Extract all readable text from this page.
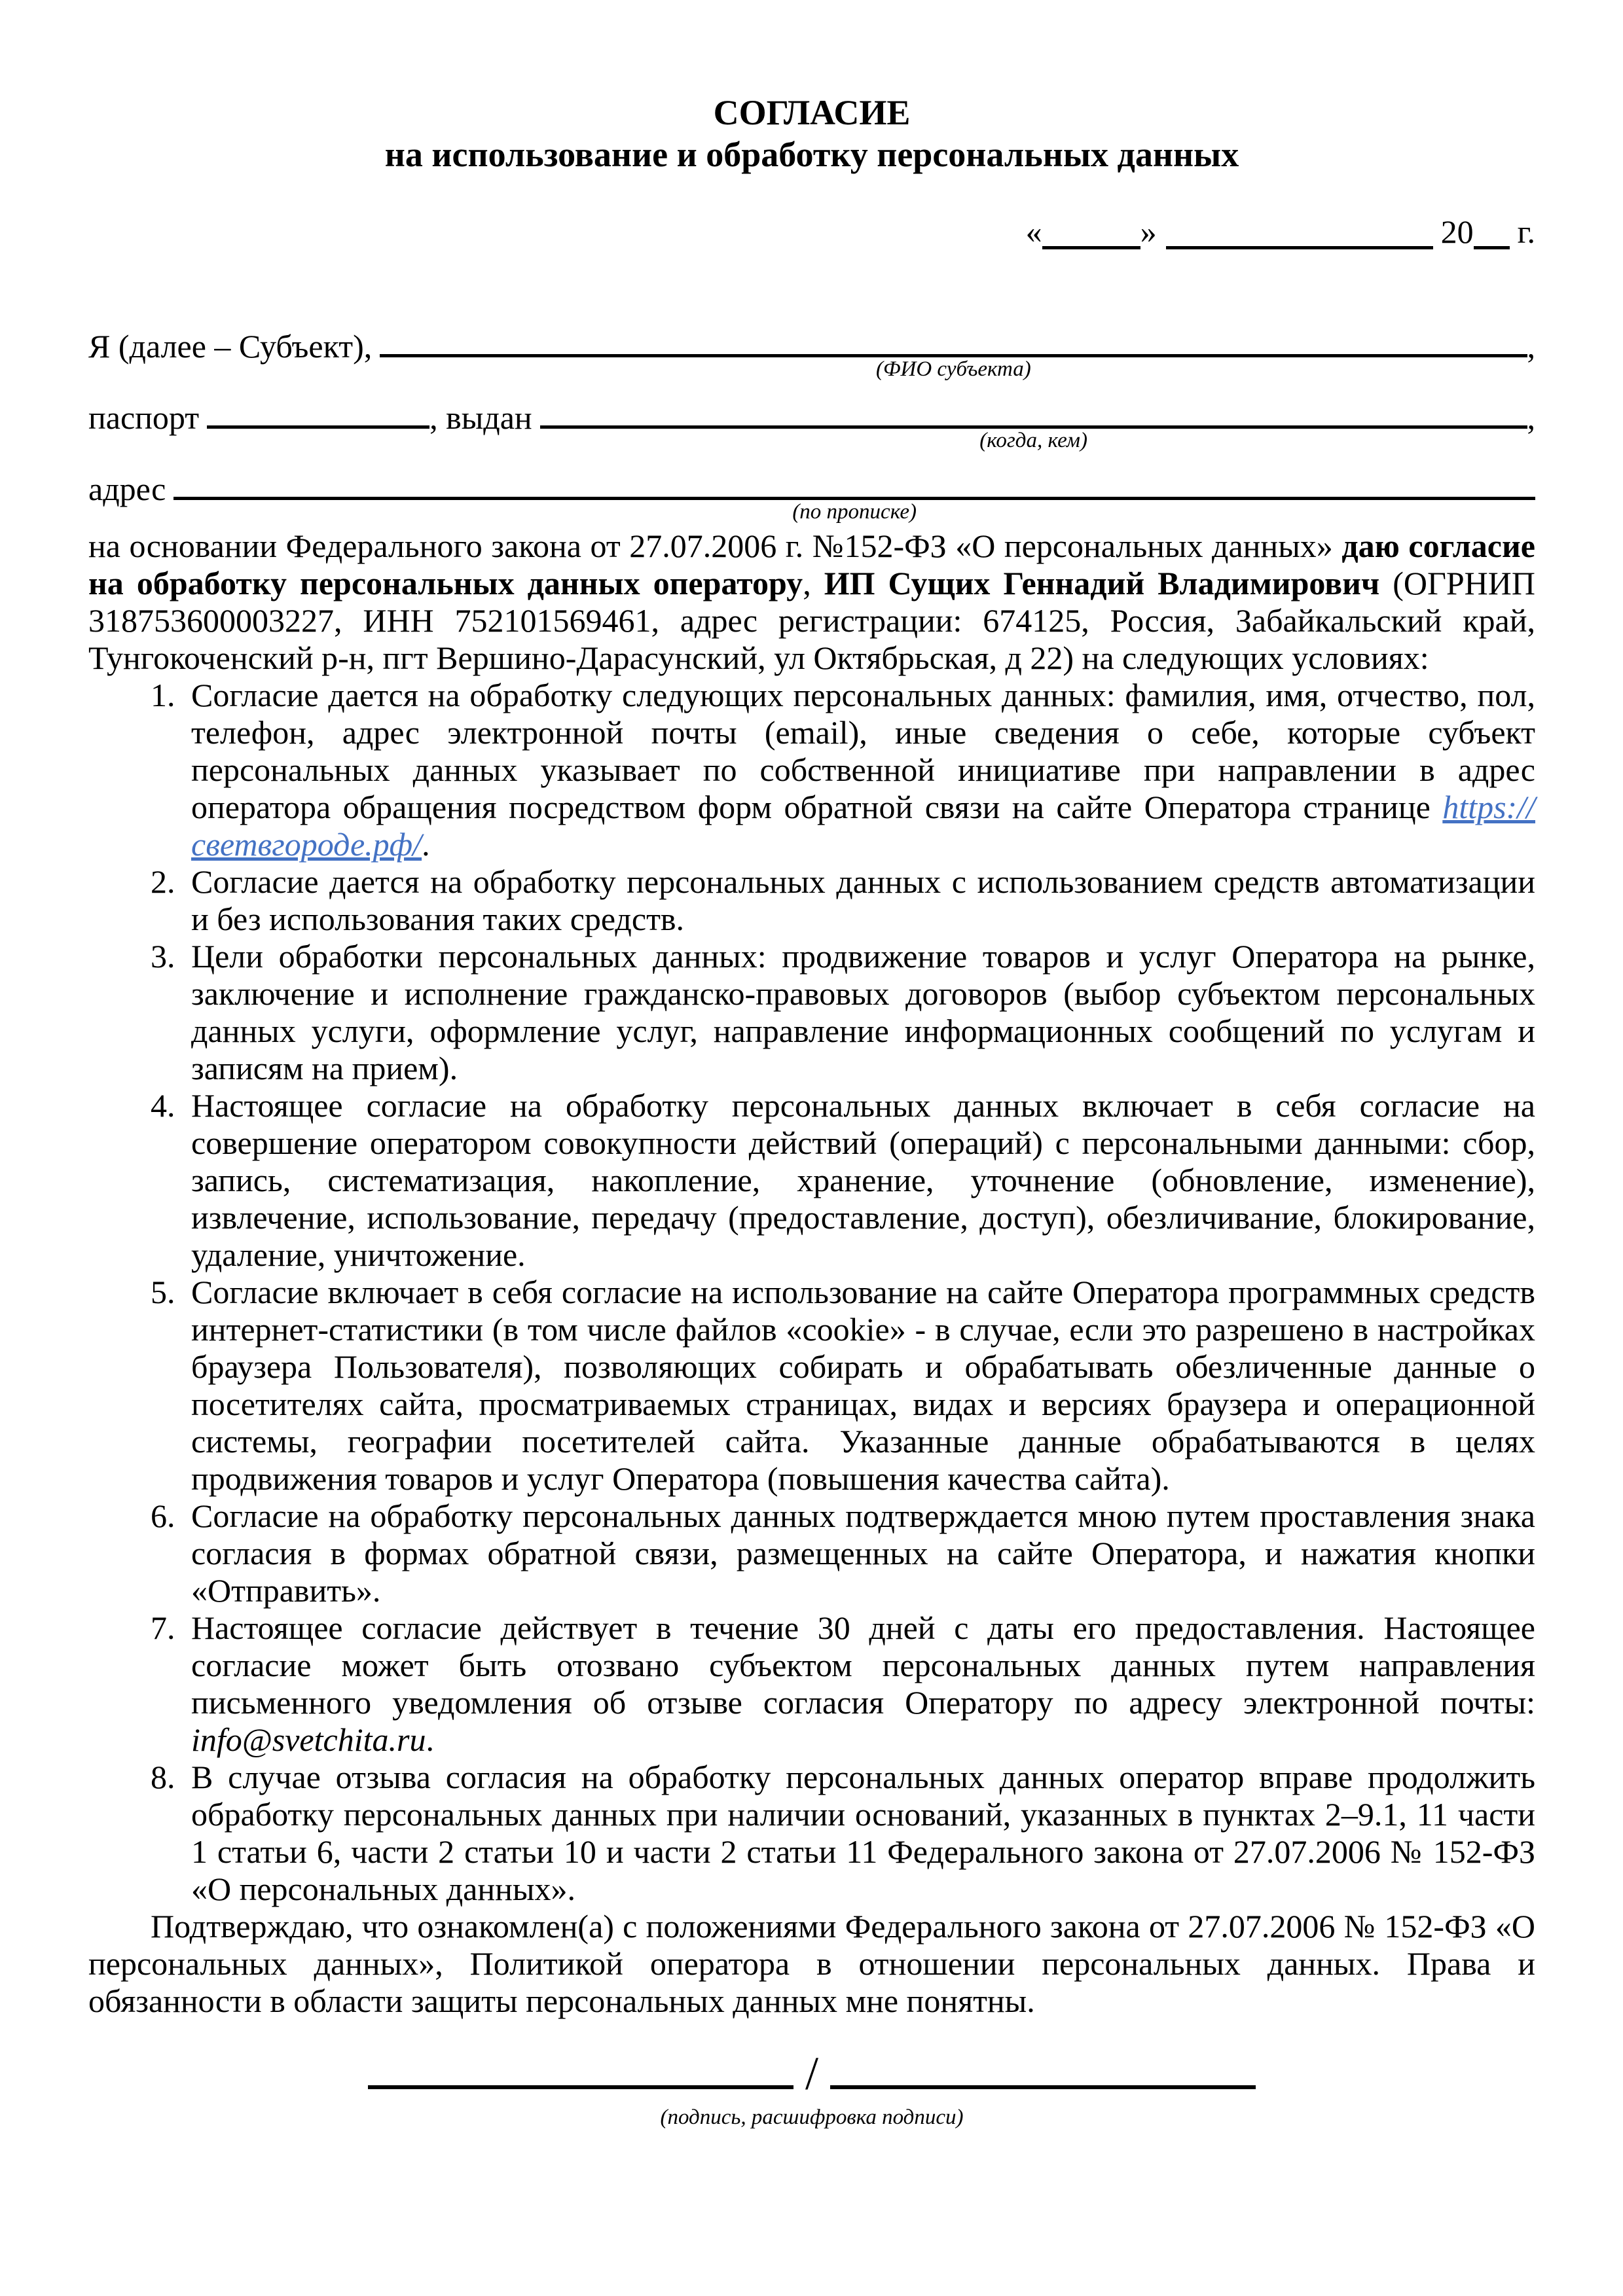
СОГЛАСИЕ
на использование и обработку персональных данных
«	»	20 г.
Я (далее – Субъект),
(ФИО субъекта)
,
паспорт	, выдан
(когда, кем)
,
адрес
(по прописке)

на основании Федерального закона от 27.07.2006 г. №152-ФЗ «О персональных данных» даю согласие на обработку персональных данных оператору, ИП Сущих Геннадий Владимирович (ОГРНИП 318753600003227, ИНН 752101569461, адрес регистрации: 674125, Россия, Забайкальский край, Тунгокоченский р-н, пгт Вершино-Дарасунский, ул Октябрьская, д 22) на следующих условиях:

1. Согласие дается на обработку следующих персональных данных: фамилия, имя, отчество, пол, телефон, адрес электронной почты (email), иные сведения о себе, которые субъект персональных данных указывает по собственной инициативе при направлении в адрес оператора обращения посредством форм обратной связи на сайте Оператора странице https://светвгороде.рф/.
2. Согласие дается на обработку персональных данных с использованием средств автоматизации и без использования таких средств.
3. Цели обработки персональных данных: продвижение товаров и услуг Оператора на рынке, заключение и исполнение гражданско-правовых договоров (выбор субъектом персональных данных услуги, оформление услуг, направление информационных сообщений по услугам и записям на прием).
4. Настоящее согласие на обработку персональных данных включает в себя согласие на совершение оператором совокупности действий (операций) с персональными данными: сбор, запись, систематизация, накопление, хранение, уточнение (обновление, изменение), извлечение, использование, передачу (предоставление, доступ), обезличивание, блокирование, удаление, уничтожение.
5. Согласие включает в себя согласие на использование на сайте Оператора программных средств интернет-статистики (в том числе файлов «cookie» - в случае, если это разрешено в настройках браузера Пользователя), позволяющих собирать и обрабатывать обезличенные данные о посетителях сайта, просматриваемых страницах, видах и версиях браузера и операционной системы, географии посетителей сайта. Указанные данные обрабатываются в целях продвижения товаров и услуг Оператора (повышения качества сайта).
6. Согласие на обработку персональных данных подтверждается мною путем проставления знака согласия в формах обратной связи, размещенных на сайте Оператора, и нажатия кнопки «Отправить».
7. Настоящее согласие действует в течение 30 дней с даты его предоставления. Настоящее согласие может быть отозвано субъектом персональных данных путем направления письменного уведомления об отзыве согласия Оператору по адресу электронной почты: info@svetchita.ru.
8. В случае отзыва согласия на обработку персональных данных оператор вправе продолжить обработку персональных данных при наличии оснований, указанных в пунктах 2–9.1, 11 части 1 статьи 6, части 2 статьи 10 и части 2 статьи 11 Федерального закона от 27.07.2006 № 152-ФЗ «О персональных данных».

Подтверждаю, что ознакомлен(а) с положениями Федерального закона от 27.07.2006 № 152-ФЗ «О персональных данных», Политикой оператора в отношении персональных данных. Права и обязанности в области защиты персональных данных мне понятны.

/
(подпись, расшифровка подписи)
